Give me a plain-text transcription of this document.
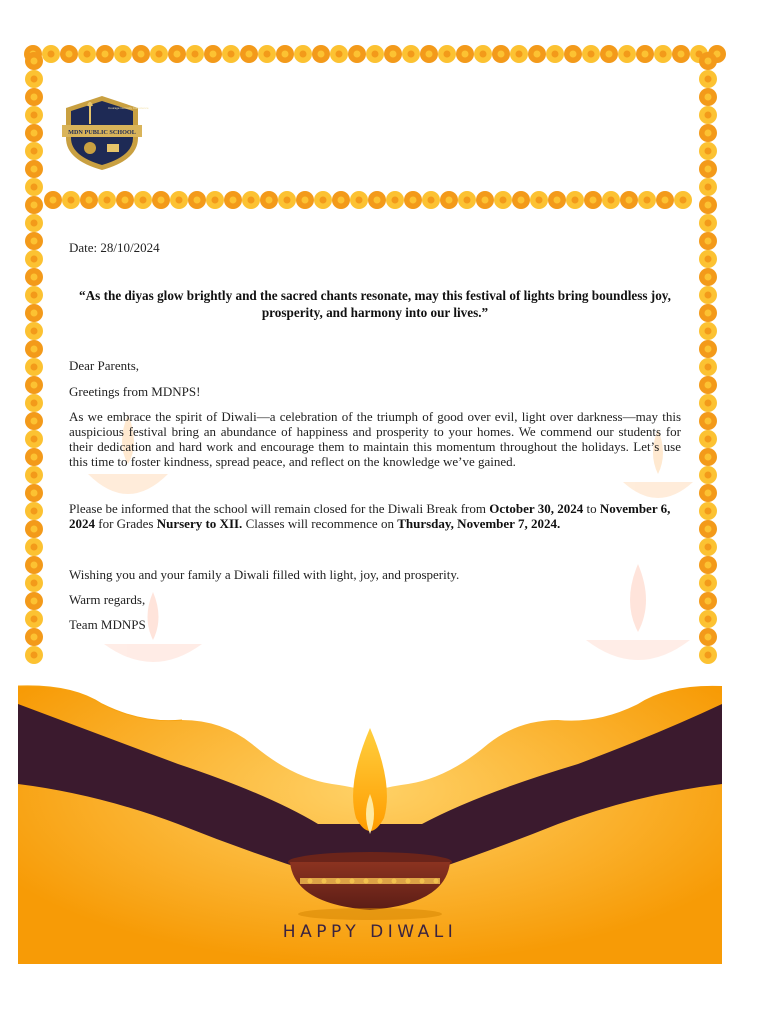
MDN PUBLIC SCHOOL
Courage Curiosity Conscience

Date: 28/10/2024

“As the diyas glow brightly and the sacred chants resonate, may this festival of lights bring boundless joy, prosperity, and harmony into our lives.”

Dear Parents,

Greetings from MDNPS!

As we embrace the spirit of Diwali—a celebration of the triumph of good over evil, light over darkness—may this auspicious festival bring an abundance of happiness and prosperity to your homes. We commend our students for their dedication and hard work and encourage them to maintain this momentum throughout the holidays. Let’s use this time to foster kindness, spread peace, and reflect on the knowledge we’ve gained.

Please be informed that the school will remain closed for the Diwali Break from October 30, 2024 to November 6, 2024 for Grades Nursery to XII. Classes will recommence on Thursday, November 7, 2024.

Wishing you and your family a Diwali filled with light, joy, and prosperity.

Warm regards,

Team MDNPS

HAPPY DIWALI
